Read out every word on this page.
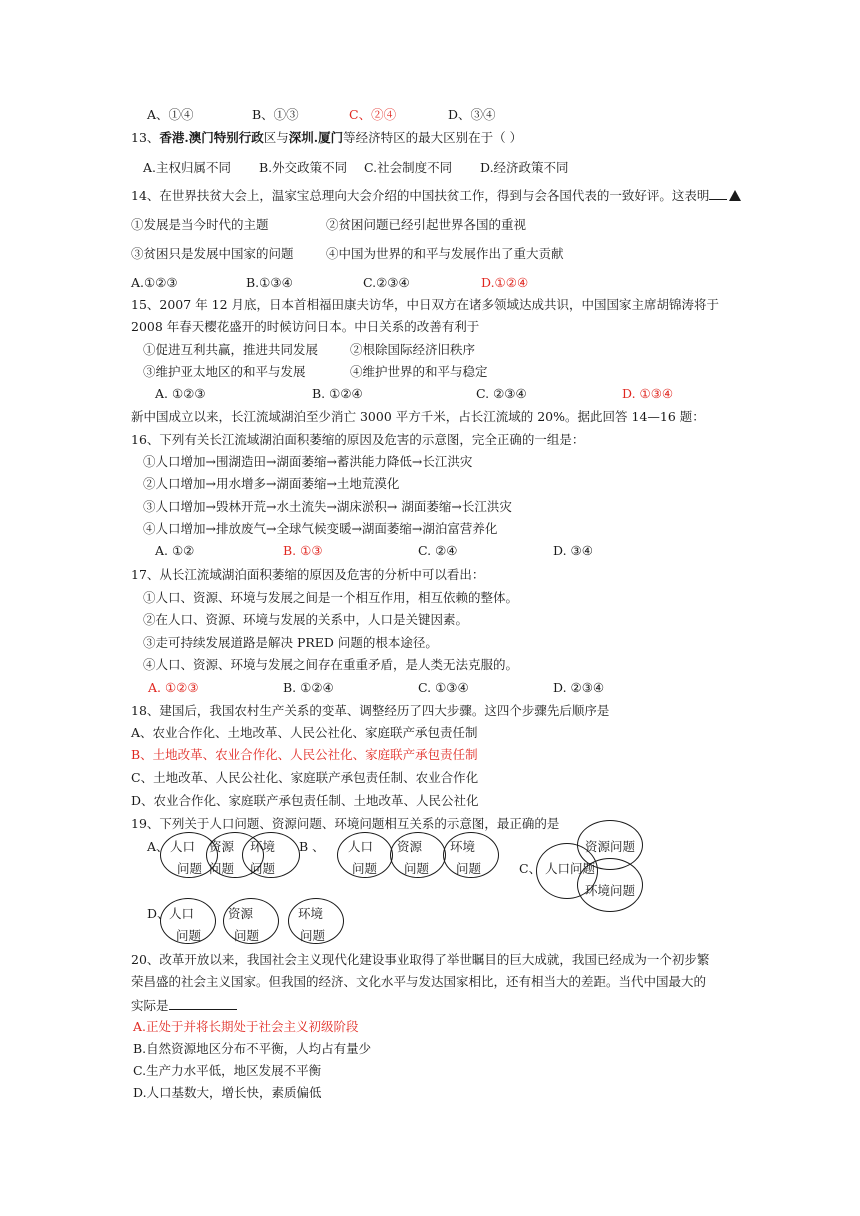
A、①④	B、①③	C、②④	D、③④
13、香港.澳门特别行政区与深圳.厦门等经济特区的最大区别在于（ ）
A.主权归属不同 B.外交政策不同 C.社会制度不同 D.经济政策不同
14、在世界扶贫大会上，温家宝总理向大会介绍的中国扶贫工作，得到与会各国代表的一致好评。这表明
①发展是当今时代的主题	②贫困问题已经引起世界各国的重视
③贫困只是发展中国家的问题	④中国为世界的和平与发展作出了重大贡献
A.①②③	B.①③④	C.②③④	D.①②④
15、2007 年 12 月底，日本首相福田康夫访华，中日双方在诸多领域达成共识，中国国家主席胡锦涛将于
2008 年春天樱花盛开的时候访问日本。中日关系的改善有利于
①促进互利共赢，推进共同发展	②根除国际经济旧秩序
③维护亚太地区的和平与发展	④维护世界的和平与稳定
A. ①②③	B. ①②④	C. ②③④	D. ①③④
新中国成立以来，长江流域湖泊至少消亡 3000 平方千米，占长江流域的 20%。据此回答 14—16 题：
16、下列有关长江流域湖泊面积萎缩的原因及危害的示意图，完全正确的一组是：
①人口增加→围湖造田→湖面萎缩→蓄洪能力降低→长江洪灾
②人口增加→用水增多→湖面萎缩→土地荒漠化
③人口增加→毁林开荒→水土流失→湖床淤积→ 湖面萎缩→长江洪灾
④人口增加→排放废气→全球气候变暖→湖面萎缩→湖泊富营养化
A. ①②	B. ①③	C. ②④	D. ③④
17、从长江流域湖泊面积萎缩的原因及危害的分析中可以看出：
①人口、资源、环境与发展之间是一个相互作用，相互依赖的整体。
②在人口、资源、环境与发展的关系中，人口是关键因素。
③走可持续发展道路是解决 PRED 问题的根本途径。
④人口、资源、环境与发展之间存在重重矛盾，是人类无法克服的。
A. ①②③	B. ①②④	C. ①③④	D. ②③④
18、建国后，我国农村生产关系的变革、调整经历了四大步骤。这四个步骤先后顺序是
A、农业合作化、土地改革、人民公社化、家庭联产承包责任制
B、土地改革、农业合作化、人民公社化、家庭联产承包责任制
C、土地改革、人民公社化、家庭联产承包责任制、农业合作化
D、农业合作化、家庭联产承包责任制、土地改革、人民公社化
19、下列关于人口问题、资源问题、环境问题相互关系的示意图，最正确的是
A、 人口
问题
资源
问题
环境
问题
B 、 人口
问题
资源
问题
环境
问题	C、 人口问题
资源问题
环境问题
D、 人口
问题
资源
问题
环境
问题
20、改革开放以来，我国社会主义现代化建设事业取得了举世瞩目的巨大成就，我国已经成为一个初步繁
荣昌盛的社会主义国家。但我国的经济、文化水平与发达国家相比，还有相当大的差距。当代中国最大的
实际是
A.正处于并将长期处于社会主义初级阶段
B.自然资源地区分布不平衡，人均占有量少
C.生产力水平低，地区发展不平衡
D.人口基数大，增长快，素质偏低
